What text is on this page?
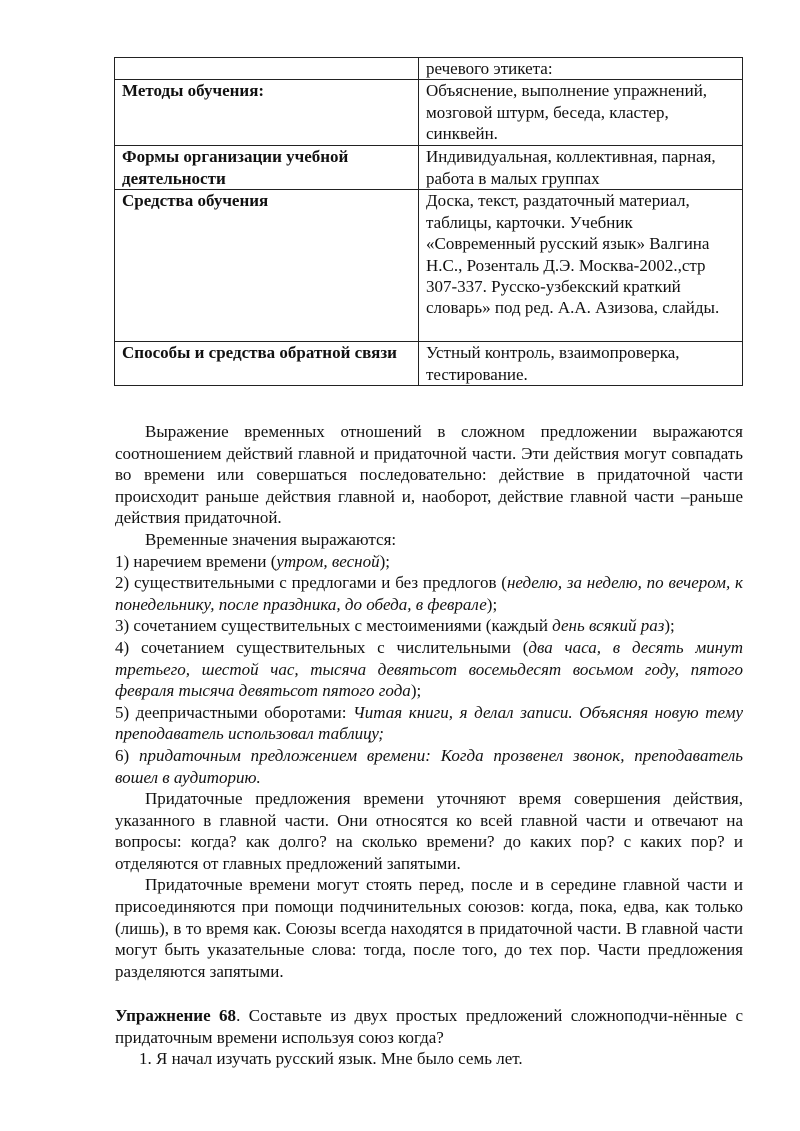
	речевого этикета:
Методы обучения:	Объяснение, выполнение упражнений, мозговой штурм, беседа, кластер, синквейн.
Формы организации учебной деятельности	Индивидуальная, коллективная, парная, работа в малых группах
Средства обучения	Доска, текст, раздаточный материал, таблицы, карточки. Учебник «Современный русский язык» Валгина Н.С., Розенталь Д.Э. Москва-2002.,стр 307-337. Русско-узбекский краткий словарь» под ред. А.А. Азизова, слайды.
Способы и средства обратной связи	Устный контроль, взаимопроверка, тестирование.

Выражение временных отношений в сложном предложении выражаются соотношением действий главной и придаточной части. Эти действия могут совпадать во времени или совершаться последовательно: действие в придаточной части происходит раньше действия главной и, наоборот, действие главной части –раньше действия придаточной.

Временные значения выражаются:

1) наречием времени (утром, весной);

2) существительными с предлогами и без предлогов (неделю, за неделю, по вечером, к понедельнику, после праздника, до обеда, в феврале);

3) сочетанием существительных с местоимениями (каждый день всякий раз);

4) сочетанием существительных с числительными (два часа, в десять минут третьего, шестой час, тысяча девятьсот восемьдесят восьмом году, пятого февраля тысяча девятьсот пятого года);

5) деепричастными оборотами: Читая книги, я делал записи. Объясняя новую тему преподаватель использовал таблицу;

6) придаточным предложением времени: Когда прозвенел звонок, преподаватель вошел в аудиторию.

Придаточные предложения времени уточняют время совершения действия, указанного в главной части. Они относятся ко всей главной части и отвечают на вопросы: когда? как долго? на сколько времени? до каких пор? с каких пор? и отделяются от главных предложений запятыми.

Придаточные времени могут стоять перед, после и в середине главной части и присоединяются при помощи подчинительных союзов: когда, пока, едва, как только (лишь), в то время как. Союзы всегда находятся в придаточной части. В главной части могут быть указательные слова: тогда, после того, до тех пор. Части предложения разделяются запятыми.

Упражнение 68. Составьте из двух простых предложений сложноподчи-нённые с придаточным времени используя союз когда?

1. Я начал изучать русский язык. Мне было семь лет.
